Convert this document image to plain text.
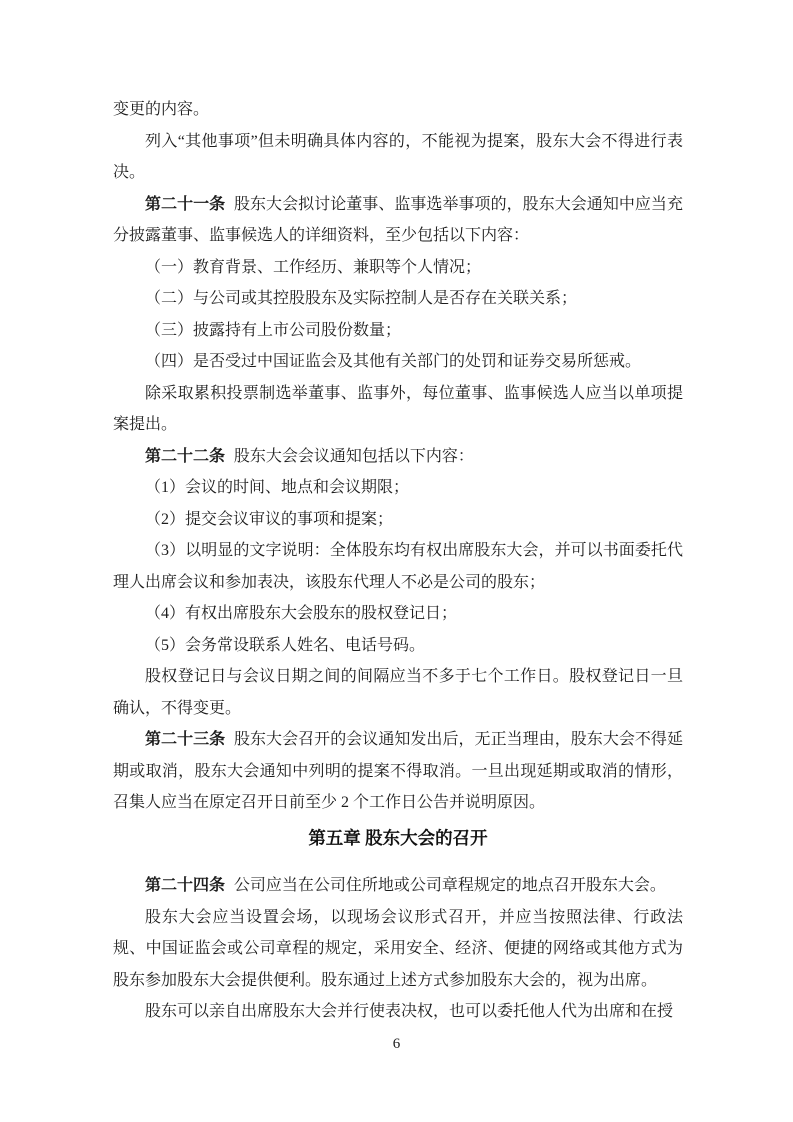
变更的内容。

列入“其他事项”但未明确具体内容的，不能视为提案，股东大会不得进行表决。

第二十一条 股东大会拟讨论董事、监事选举事项的，股东大会通知中应当充分披露董事、监事候选人的详细资料，至少包括以下内容：

（一）教育背景、工作经历、兼职等个人情况；

（二）与公司或其控股股东及实际控制人是否存在关联关系；

（三）披露持有上市公司股份数量；

（四）是否受过中国证监会及其他有关部门的处罚和证券交易所惩戒。

除采取累积投票制选举董事、监事外，每位董事、监事候选人应当以单项提案提出。

第二十二条 股东大会会议通知包括以下内容：

（1）会议的时间、地点和会议期限；

（2）提交会议审议的事项和提案；

（3）以明显的文字说明：全体股东均有权出席股东大会，并可以书面委托代理人出席会议和参加表决，该股东代理人不必是公司的股东；

（4）有权出席股东大会股东的股权登记日；

（5）会务常设联系人姓名、电话号码。

股权登记日与会议日期之间的间隔应当不多于七个工作日。股权登记日一旦确认，不得变更。

第二十三条 股东大会召开的会议通知发出后，无正当理由，股东大会不得延期或取消，股东大会通知中列明的提案不得取消。一旦出现延期或取消的情形，召集人应当在原定召开日前至少 2 个工作日公告并说明原因。

第五章 股东大会的召开

第二十四条 公司应当在公司住所地或公司章程规定的地点召开股东大会。

股东大会应当设置会场，以现场会议形式召开，并应当按照法律、行政法规、中国证监会或公司章程的规定，采用安全、经济、便捷的网络或其他方式为股东参加股东大会提供便利。股东通过上述方式参加股东大会的，视为出席。

股东可以亲自出席股东大会并行使表决权，也可以委托他人代为出席和在授

6
